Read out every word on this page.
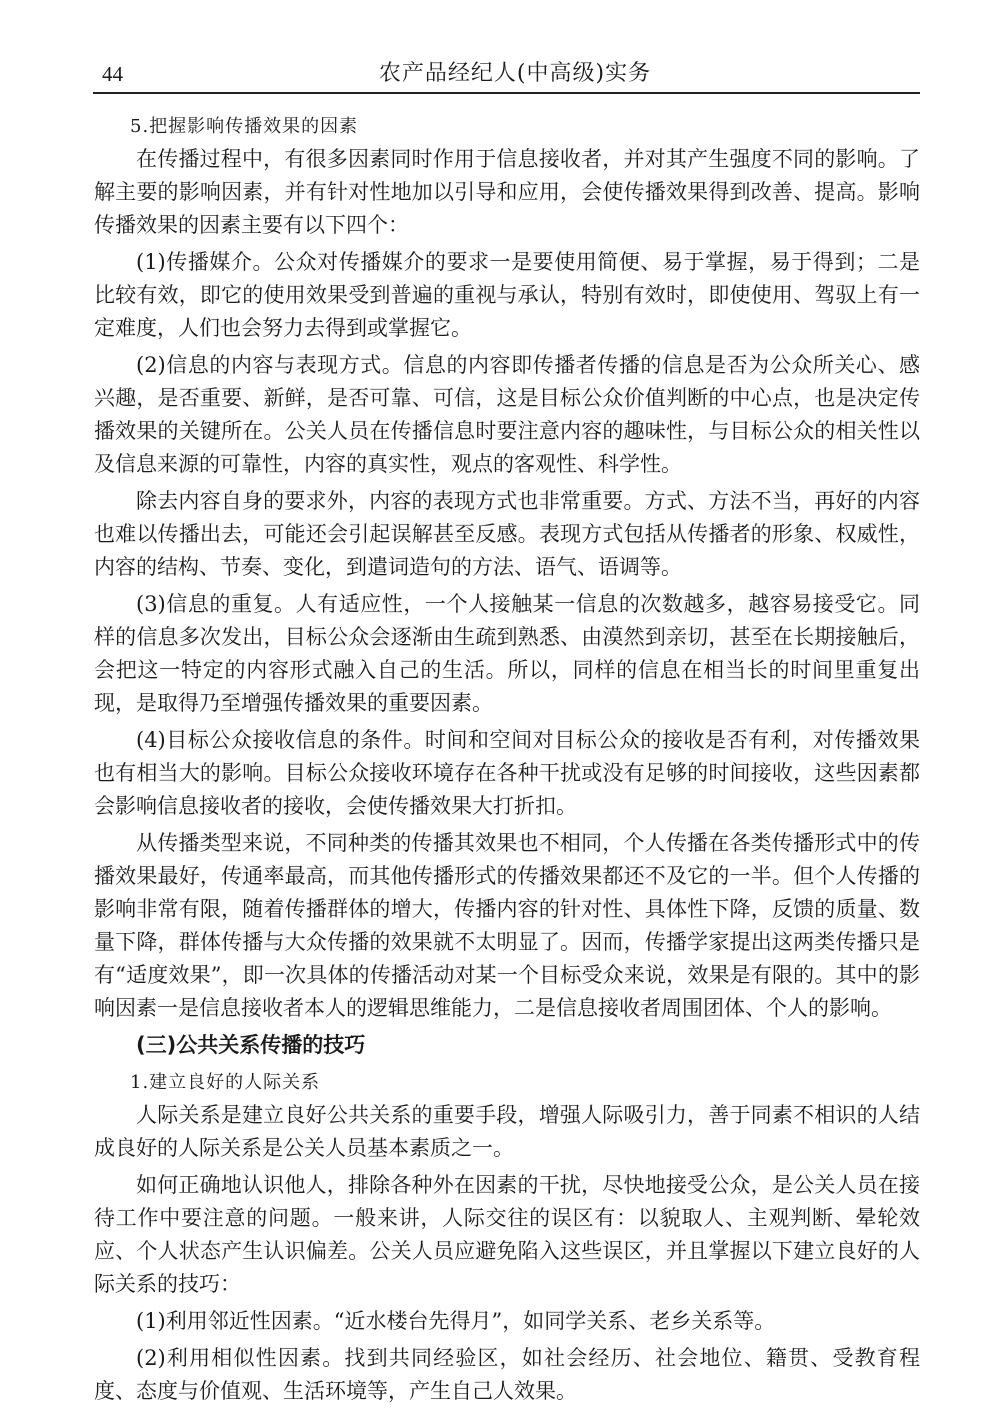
44	农产品经纪人(中高级)实务

5.把握影响传播效果的因素

在传播过程中，有很多因素同时作用于信息接收者，并对其产生强度不同的影响。了解主要的影响因素，并有针对性地加以引导和应用，会使传播效果得到改善、提高。影响传播效果的因素主要有以下四个：

(1)传播媒介。公众对传播媒介的要求一是要使用简便、易于掌握，易于得到；二是比较有效，即它的使用效果受到普遍的重视与承认，特别有效时，即使使用、驾驭上有一定难度，人们也会努力去得到或掌握它。

(2)信息的内容与表现方式。信息的内容即传播者传播的信息是否为公众所关心、感兴趣，是否重要、新鲜，是否可靠、可信，这是目标公众价值判断的中心点，也是决定传播效果的关键所在。公关人员在传播信息时要注意内容的趣味性，与目标公众的相关性以及信息来源的可靠性，内容的真实性，观点的客观性、科学性。

除去内容自身的要求外，内容的表现方式也非常重要。方式、方法不当，再好的内容也难以传播出去，可能还会引起误解甚至反感。表现方式包括从传播者的形象、权威性，内容的结构、节奏、变化，到遣词造句的方法、语气、语调等。

(3)信息的重复。人有适应性，一个人接触某一信息的次数越多，越容易接受它。同样的信息多次发出，目标公众会逐渐由生疏到熟悉、由漠然到亲切，甚至在长期接触后，会把这一特定的内容形式融入自己的生活。所以，同样的信息在相当长的时间里重复出现，是取得乃至增强传播效果的重要因素。

(4)目标公众接收信息的条件。时间和空间对目标公众的接收是否有利，对传播效果也有相当大的影响。目标公众接收环境存在各种干扰或没有足够的时间接收，这些因素都会影响信息接收者的接收，会使传播效果大打折扣。

从传播类型来说，不同种类的传播其效果也不相同，个人传播在各类传播形式中的传播效果最好，传通率最高，而其他传播形式的传播效果都还不及它的一半。但个人传播的影响非常有限，随着传播群体的增大，传播内容的针对性、具体性下降，反馈的质量、数量下降，群体传播与大众传播的效果就不太明显了。因而，传播学家提出这两类传播只是有“适度效果”，即一次具体的传播活动对某一个目标受众来说，效果是有限的。其中的影响因素一是信息接收者本人的逻辑思维能力，二是信息接收者周围团体、个人的影响。

(三)公共关系传播的技巧

1.建立良好的人际关系

人际关系是建立良好公共关系的重要手段，增强人际吸引力，善于同素不相识的人结成良好的人际关系是公关人员基本素质之一。

如何正确地认识他人，排除各种外在因素的干扰，尽快地接受公众，是公关人员在接待工作中要注意的问题。一般来讲，人际交往的误区有：以貌取人、主观判断、晕轮效应、个人状态产生认识偏差。公关人员应避免陷入这些误区，并且掌握以下建立良好的人际关系的技巧：

(1)利用邻近性因素。“近水楼台先得月”，如同学关系、老乡关系等。

(2)利用相似性因素。找到共同经验区，如社会经历、社会地位、籍贯、受教育程度、态度与价值观、生活环境等，产生自己人效果。
